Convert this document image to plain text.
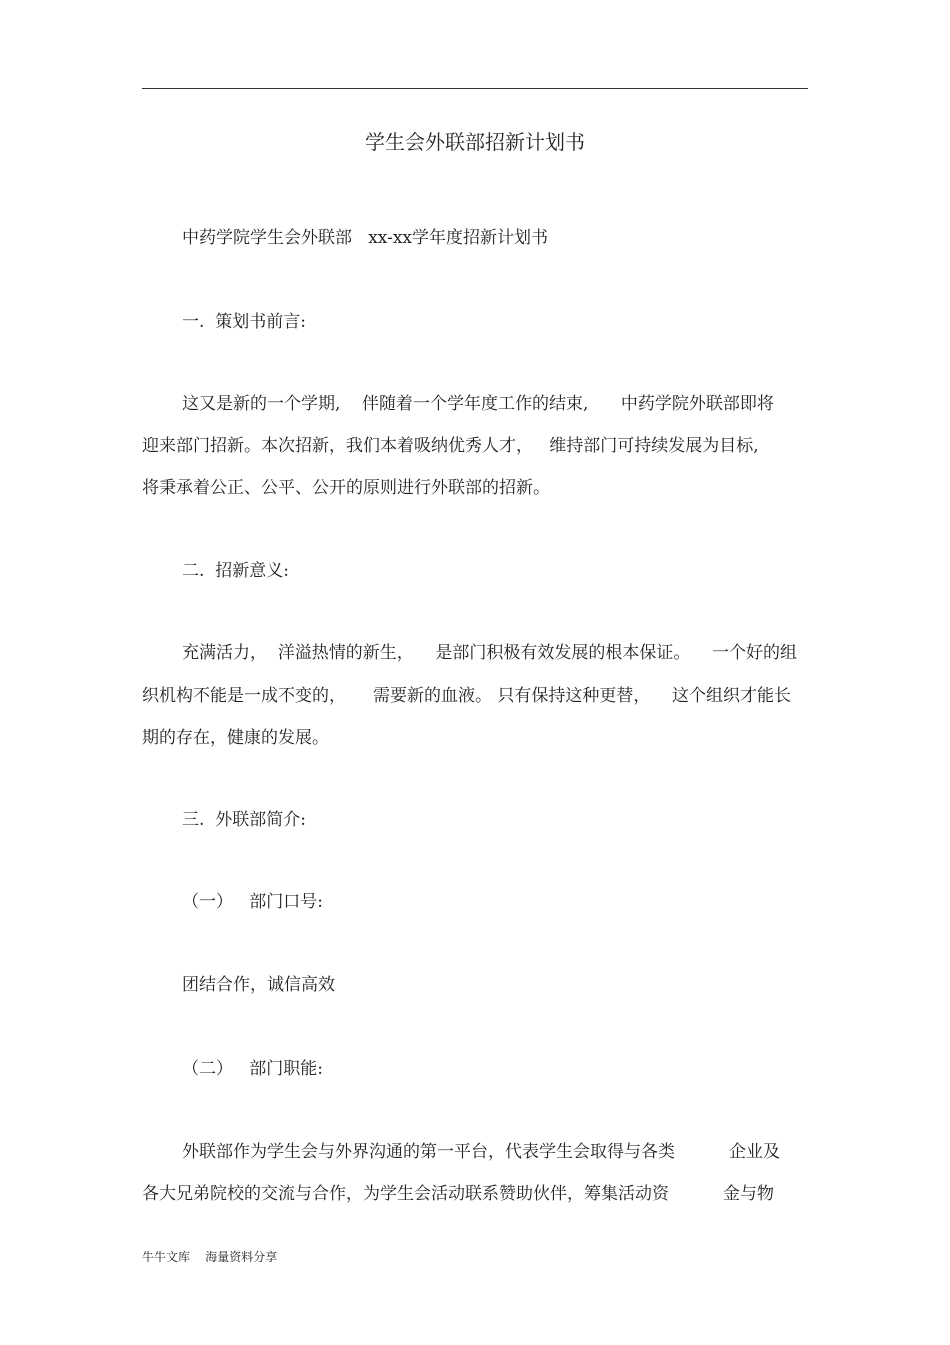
学生会外联部招新计划书
中药学院学生会外联部   xx-xx学年度招新计划书
一.  策划书前言:
这又是新的一个学期,    伴随着一个学年度工作的结束,      中药学院外联部即将
迎来部门招新。本次招新，我们本着吸纳优秀人才，   维持部门可持续发展为目标,
将秉承着公正、公平、公开的原则进行外联部的招新。
二.  招新意义:
充满活力，  洋溢热情的新生，    是部门积极有效发展的根本保证。    一个好的组
织机构不能是一成不变的，     需要新的血液。 只有保持这种更替，    这个组织才能长
期的存在，健康的发展。
三.  外联部简介:
（一）   部门口号:
团结合作，诚信高效
（二）   部门职能:
外联部作为学生会与外界沟通的第一平台，代表学生会取得与各类          企业及
各大兄弟院校的交流与合作，为学生会活动联系赞助伙伴，筹集活动资          金与物
牛牛文库    海量资料分享
